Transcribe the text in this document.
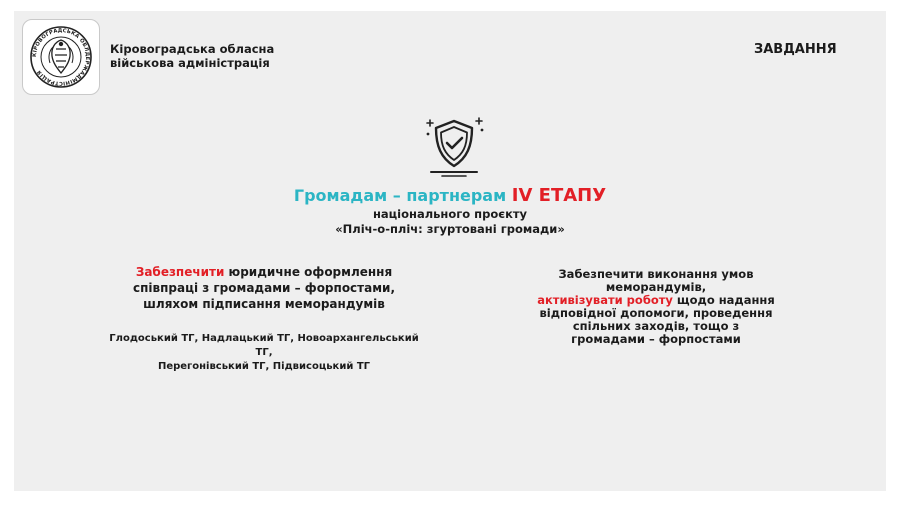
КІРОВОГРАДСЬКА ОБЛДЕРЖАДМІНІСТРАЦІЯ
Кіровоградська обласна
військова адміністрація
ЗАВДАННЯ
Громадам – партнерам IV ЕТАПУ
національного проєкту
«Пліч-о-пліч: згуртовані громади»
Забезпечити юридичне оформлення
співпраці з громадами – форпостами,
шляхом підписання меморандумів
Глодоський ТГ, Надлацький ТГ, Новоархангельський ТГ,
Перегонівський ТГ, Підвисоцький ТГ
Забезпечити виконання умов
меморандумів,
активізувати роботу щодо надання
відповідної допомоги, проведення
спільних заходів, тощо з
громадами – форпостами
